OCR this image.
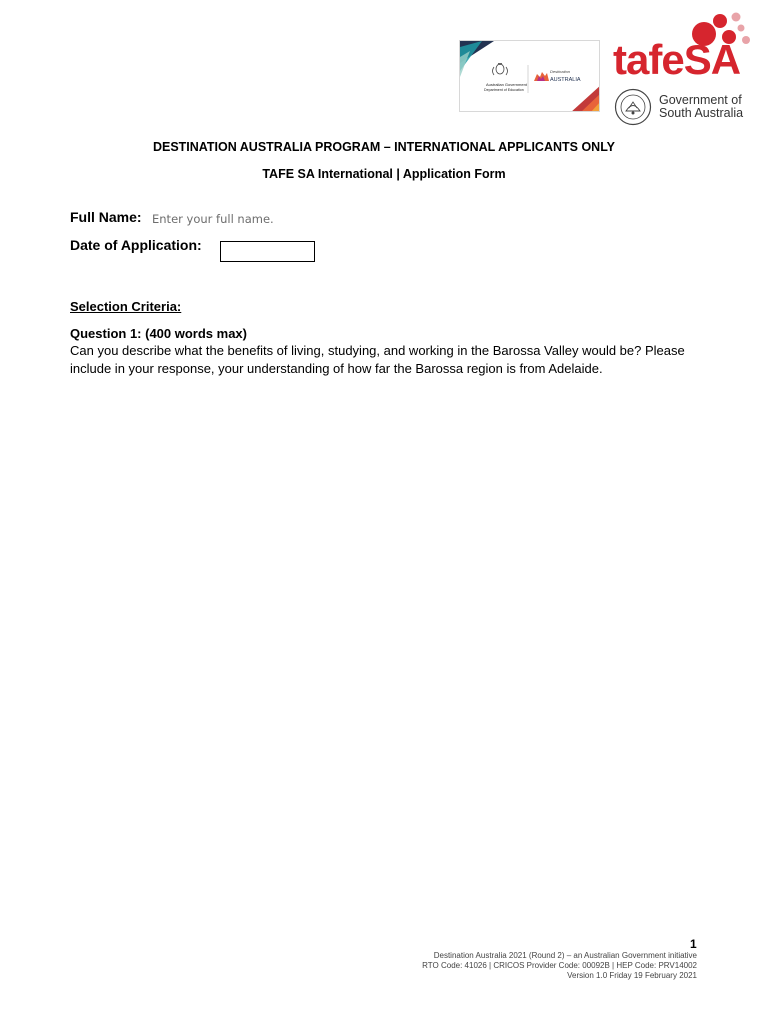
Australian Government
Department of Education
Destination
AUSTRALIA tafeSA
Government of
South Australia
DESTINATION AUSTRALIA PROGRAM – INTERNATIONAL APPLICANTS ONLY
TAFE SA International | Application Form
Full Name:
Enter your full name.
Date of Application:
Selection Criteria:
Question 1: (400 words max)
Can you describe what the benefits of living, studying, and working in the Barossa Valley would be? Please include in your response, your understanding of how far the Barossa region is from Adelaide.
1
Destination Australia 2021 (Round 2) – an Australian Government initiative
RTO Code: 41026 | CRICOS Provider Code: 00092B | HEP Code: PRV14002
Version 1.0 Friday 19 February 2021
